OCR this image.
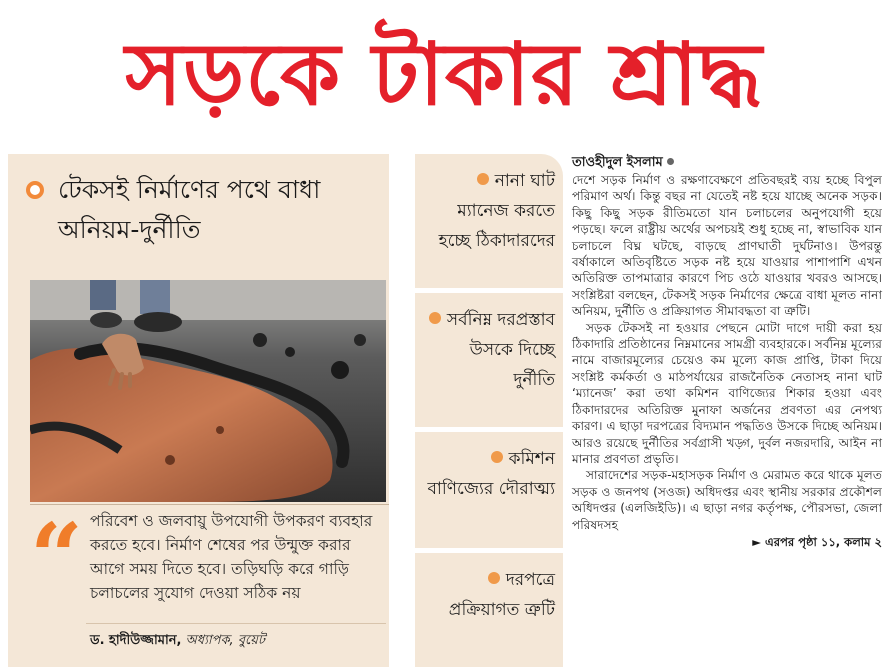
সড়কে টাকার শ্রাদ্ধ
টেকসই নির্মাণের পথে বাধা অনিয়ম-দুর্নীতি
“ পরিবেশ ও জলবায়ু উপযোগী উপকরণ ব্যবহার করতে হবে। নির্মাণ শেষের পর উন্মুক্ত করার আগে সময় দিতে হবে। তড়িঘড়ি করে গাড়ি চলাচলের সুযোগ দেওয়া সঠিক নয়
ড. হাদীউজ্জামান, অধ্যাপক, বুয়েট
নানা ঘাট ম্যানেজ করতে হচ্ছে ঠিকাদারদের
সর্বনিম্ন দরপ্রস্তাব উসকে দিচ্ছে দুর্নীতি
কমিশন বাণিজ্যের দৌরাত্ম্য
দরপত্রে প্রক্রিয়াগত ত্রুটি
তাওহীদুল ইসলাম

দেশে সড়ক নির্মাণ ও রক্ষণাবেক্ষণে প্রতিবছরই ব্যয় হচ্ছে বিপুল পরিমাণ অর্থ। কিন্তু বছর না যেতেই নষ্ট হয়ে যাচ্ছে অনেক সড়ক। কিছু কিছু সড়ক রীতিমতো যান চলাচলের অনুপযোগী হয়ে পড়ছে। ফলে রাষ্ট্রীয় অর্থের অপচয়ই শুধু হচ্ছে না, স্বাভাবিক যান চলাচলে বিঘ্ন ঘটছে, বাড়ছে প্রাণঘাতী দুর্ঘটনাও। উপরন্তু বর্ষাকালে অতিবৃষ্টিতে সড়ক নষ্ট হয়ে যাওয়ার পাশাপাশি এখন অতিরিক্ত তাপমাত্রার কারণে পিচ ওঠে যাওয়ার খবরও আসছে। সংশ্লিষ্টরা বলছেন, টেকসই সড়ক নির্মাণের ক্ষেত্রে বাধা মূলত নানা অনিয়ম, দুর্নীতি ও প্রক্রিয়াগত সীমাবদ্ধতা বা ত্রুটি।

সড়ক টেকসই না হওয়ার পেছনে মোটা দাগে দায়ী করা হয় ঠিকাদারি প্রতিষ্ঠানের নিম্নমানের সামগ্রী ব্যবহারকে। সর্বনিম্ন মূল্যের নামে বাজারমূল্যের চেয়েও কম মূল্যে কাজ প্রাপ্তি, টাকা দিয়ে সংশ্লিষ্ট কর্মকর্তা ও মাঠপর্যায়ের রাজনৈতিক নেতাসহ নানা ঘাট ‘ম্যানেজ’ করা তথা কমিশন বাণিজ্যের শিকার হওয়া এবং ঠিকাদারদের অতিরিক্ত মুনাফা অর্জনের প্রবণতা এর নেপথ্য কারণ। এ ছাড়া দরপত্রের বিদ্যমান পদ্ধতিও উসকে দিচ্ছে অনিয়ম। আরও রয়েছে দুর্নীতির সর্বগ্রাসী খড়্গ, দুর্বল নজরদারি, আইন না মানার প্রবণতা প্রভৃতি।

সারাদেশের সড়ক-মহাসড়ক নির্মাণ ও মেরামত করে থাকে মূলত সড়ক ও জনপথ (সওজ) অধিদপ্তর এবং স্থানীয় সরকার প্রকৌশল অধিদপ্তর (এলজিইডি)। এ ছাড়া নগর কর্তৃপক্ষ, পৌরসভা, জেলা পরিষদসহ

► এরপর পৃষ্ঠা ১১, কলাম ২
